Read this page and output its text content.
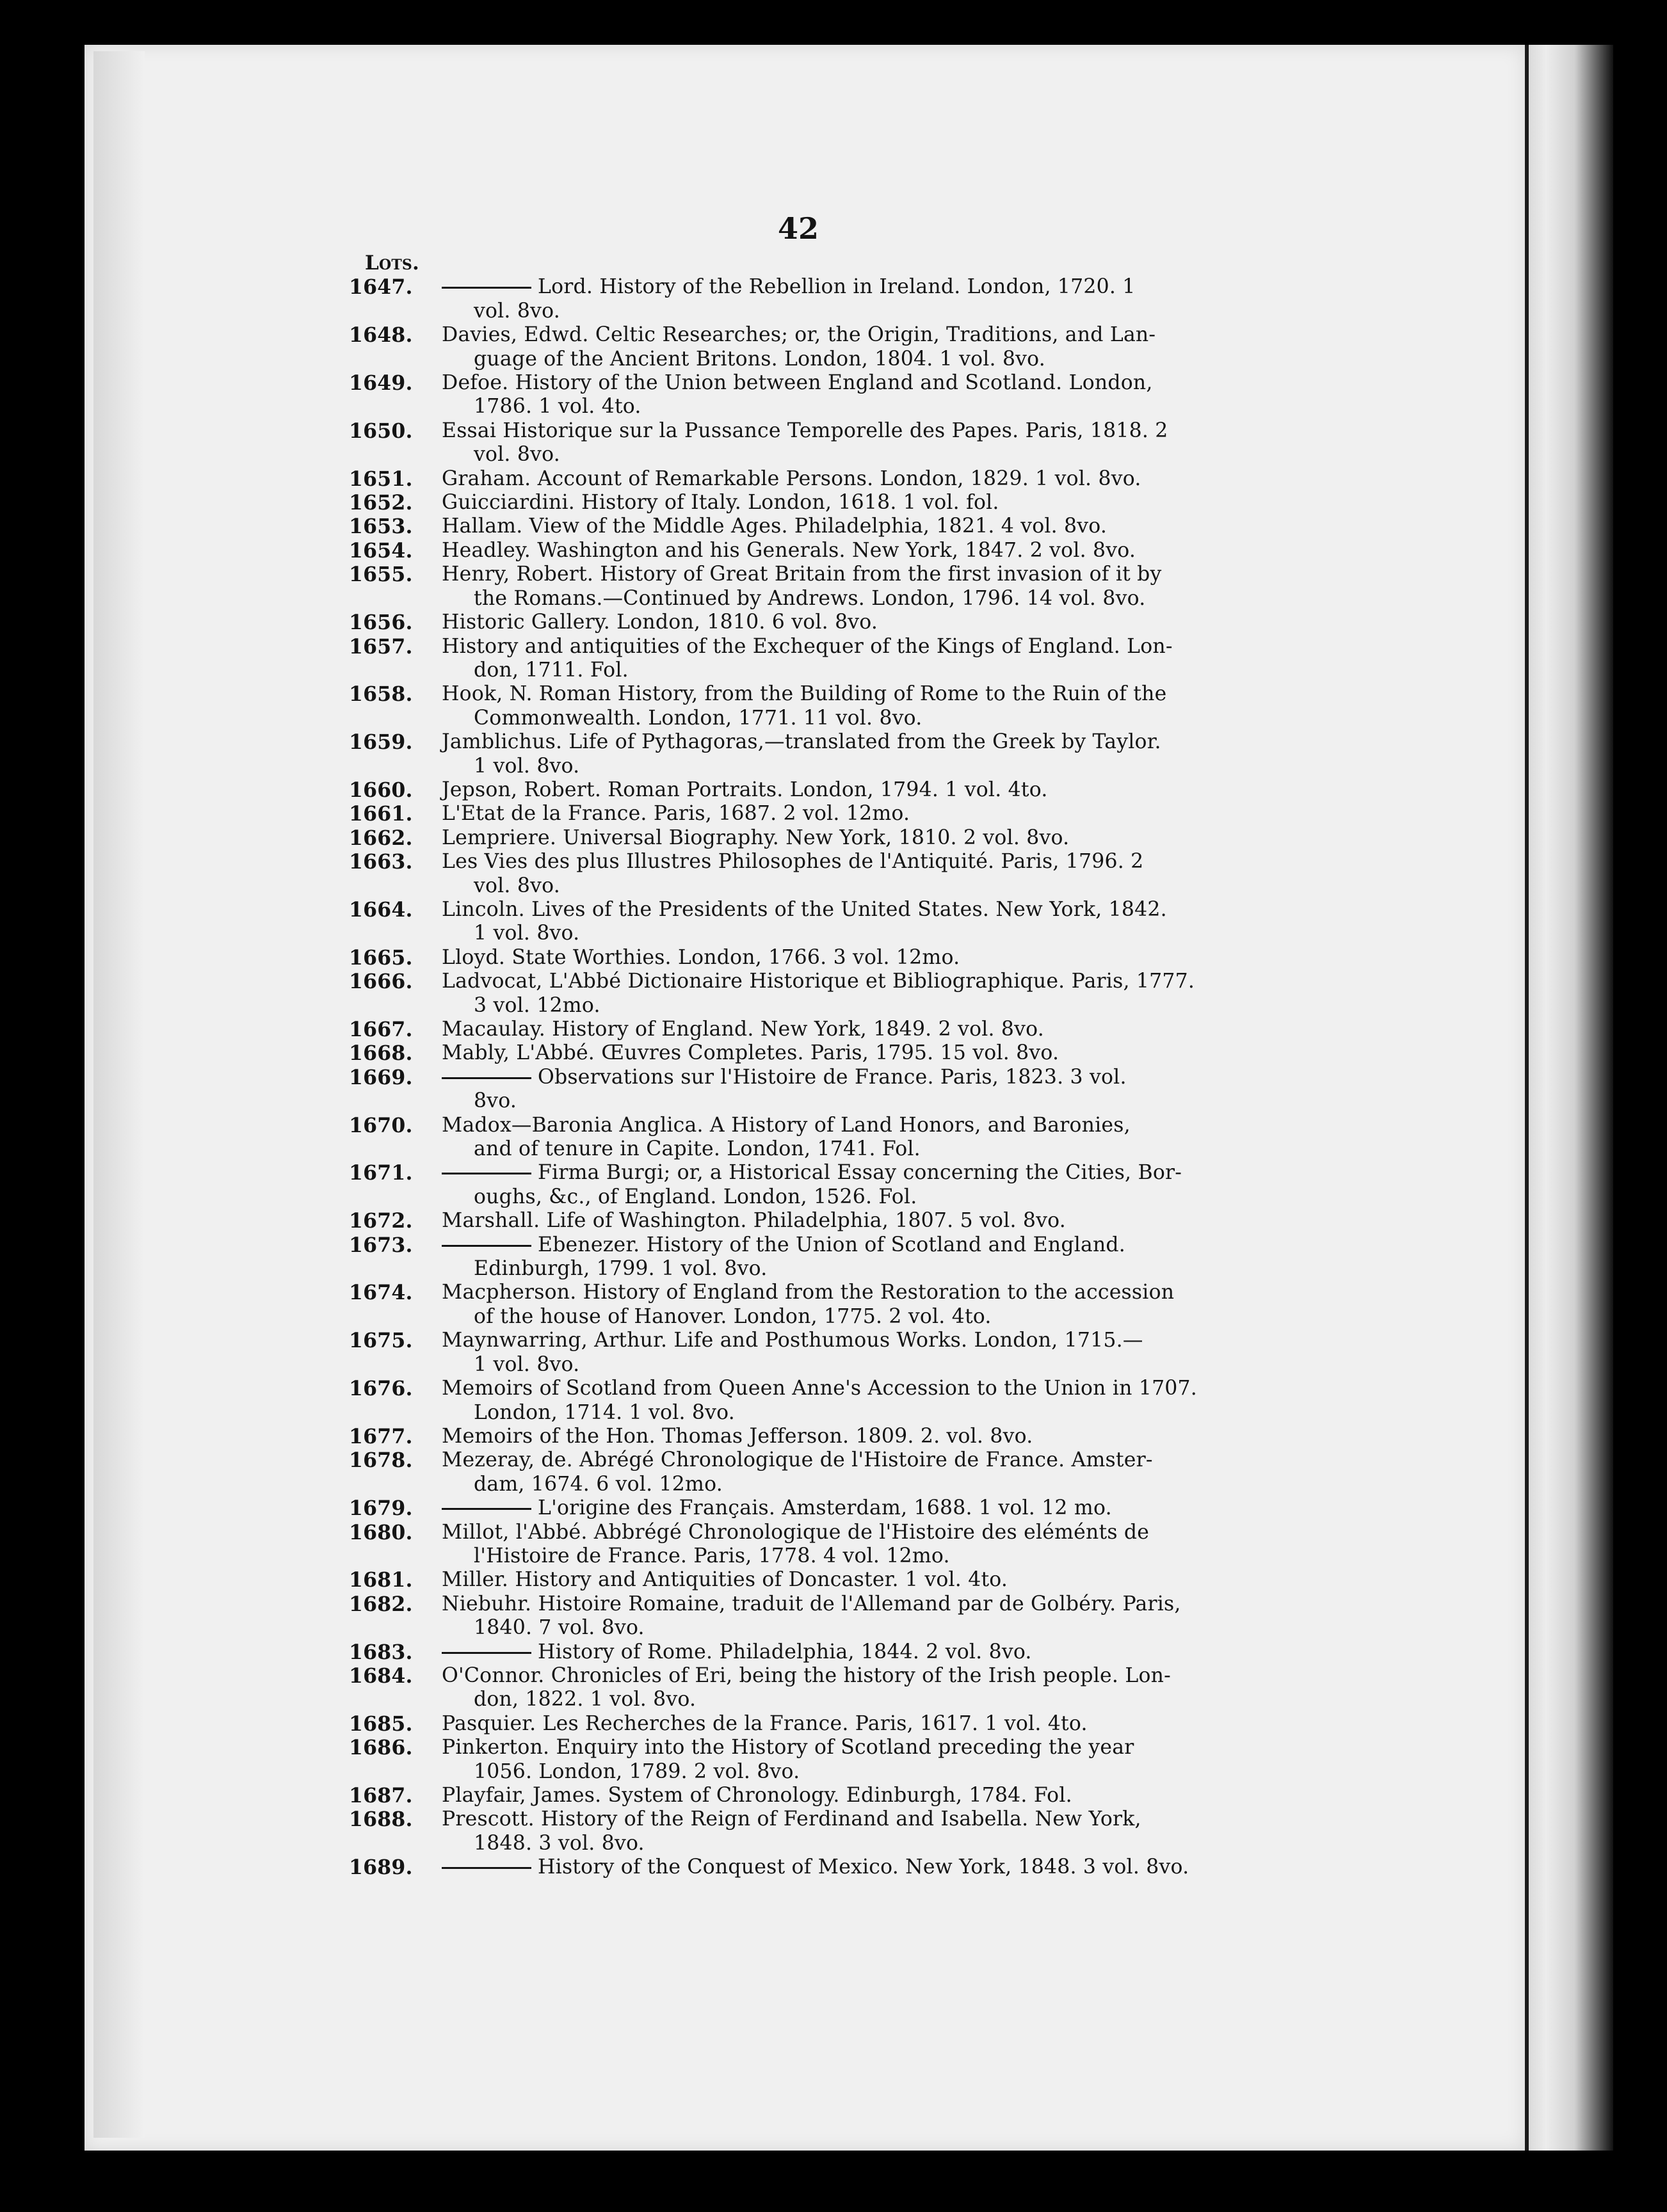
42
Lots.
1647.	Lord. History of the Rebellion in Ireland. London, 1720. 1
vol. 8vo.
1648. Davies, Edwd. Celtic Researches; or, the Origin, Traditions, and Lan-
guage of the Ancient Britons. London, 1804. 1 vol. 8vo.
1649. Defoe. History of the Union between England and Scotland. London,
1786. 1 vol. 4to.
1650. Essai Historique sur la Pussance Temporelle des Papes. Paris, 1818. 2
vol. 8vo.
1651. Graham. Account of Remarkable Persons. London, 1829. 1 vol. 8vo.
1652. Guicciardini. History of Italy. London, 1618. 1 vol. fol.
1653. Hallam. View of the Middle Ages. Philadelphia, 1821. 4 vol. 8vo.
1654. Headley. Washington and his Generals. New York, 1847. 2 vol. 8vo.
1655. Henry, Robert. History of Great Britain from the first invasion of it by
the Romans.—Continued by Andrews. London, 1796. 14 vol. 8vo.
1656. Historic Gallery. London, 1810. 6 vol. 8vo.
1657. History and antiquities of the Exchequer of the Kings of England. Lon-
don, 1711. Fol.
1658. Hook, N. Roman History, from the Building of Rome to the Ruin of the
Commonwealth. London, 1771. 11 vol. 8vo.
1659. Jamblichus. Life of Pythagoras,—translated from the Greek by Taylor.
1 vol. 8vo.
1660. Jepson, Robert. Roman Portraits. London, 1794. 1 vol. 4to.
1661. L'Etat de la France. Paris, 1687. 2 vol. 12mo.
1662. Lempriere. Universal Biography. New York, 1810. 2 vol. 8vo.
1663. Les Vies des plus Illustres Philosophes de l'Antiquité. Paris, 1796. 2
vol. 8vo.
1664. Lincoln. Lives of the Presidents of the United States. New York, 1842.
1 vol. 8vo.
1665. Lloyd. State Worthies. London, 1766. 3 vol. 12mo.
1666. Ladvocat, L'Abbé Dictionaire Historique et Bibliographique. Paris, 1777.
3 vol. 12mo.
1667. Macaulay. History of England. New York, 1849. 2 vol. 8vo.
1668. Mably, L'Abbé. Œuvres Completes. Paris, 1795. 15 vol. 8vo.
1669.	Observations sur l'Histoire de France. Paris, 1823. 3 vol.
8vo.
1670. Madox—Baronia Anglica. A History of Land Honors, and Baronies,
and of tenure in Capite. London, 1741. Fol.
1671.	Firma Burgi; or, a Historical Essay concerning the Cities, Bor-
oughs, &c., of England. London, 1526. Fol.
1672. Marshall. Life of Washington. Philadelphia, 1807. 5 vol. 8vo.
1673.	Ebenezer. History of the Union of Scotland and England.
Edinburgh, 1799. 1 vol. 8vo.
1674. Macpherson. History of England from the Restoration to the accession
of the house of Hanover. London, 1775. 2 vol. 4to.
1675. Maynwarring, Arthur. Life and Posthumous Works. London, 1715.—
1 vol. 8vo.
1676. Memoirs of Scotland from Queen Anne's Accession to the Union in 1707.
London, 1714. 1 vol. 8vo.
1677. Memoirs of the Hon. Thomas Jefferson. 1809. 2. vol. 8vo.
1678. Mezeray, de. Abrégé Chronologique de l'Histoire de France. Amster-
dam, 1674. 6 vol. 12mo.
1679.	L'origine des Français. Amsterdam, 1688. 1 vol. 12 mo.
1680. Millot, l'Abbé. Abbrégé Chronologique de l'Histoire des eléménts de
l'Histoire de France. Paris, 1778. 4 vol. 12mo.
1681. Miller. History and Antiquities of Doncaster. 1 vol. 4to.
1682. Niebuhr. Histoire Romaine, traduit de l'Allemand par de Golbéry. Paris,
1840. 7 vol. 8vo.
1683.	History of Rome. Philadelphia, 1844. 2 vol. 8vo.
1684. O'Connor. Chronicles of Eri, being the history of the Irish people. Lon-
don, 1822. 1 vol. 8vo.
1685. Pasquier. Les Recherches de la France. Paris, 1617. 1 vol. 4to.
1686. Pinkerton. Enquiry into the History of Scotland preceding the year
1056. London, 1789. 2 vol. 8vo.
1687. Playfair, James. System of Chronology. Edinburgh, 1784. Fol.
1688. Prescott. History of the Reign of Ferdinand and Isabella. New York,
1848. 3 vol. 8vo.
1689.	History of the Conquest of Mexico. New York, 1848. 3 vol. 8vo.
